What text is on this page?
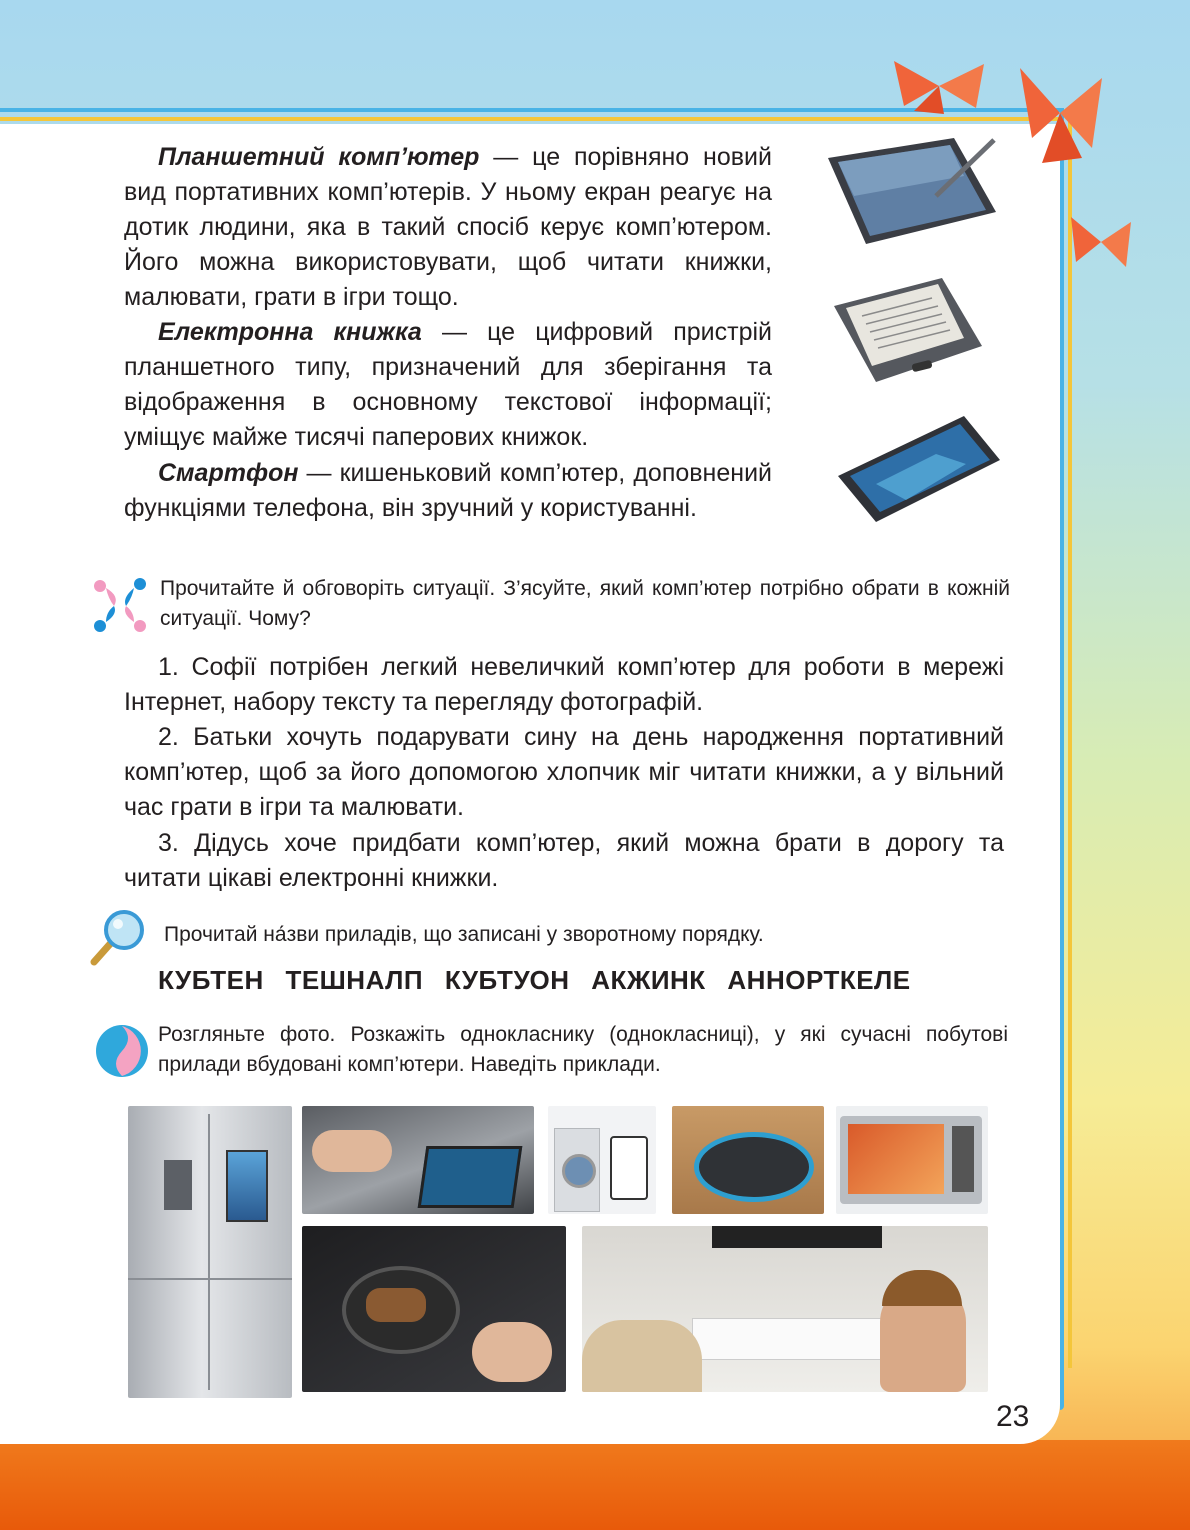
Планшетний комп’ютер — це порівняно новий вид портативних комп’ютерів. У ньому екран реагує на дотик людини, яка в такий спосіб керує комп’ютером. Його можна використовувати, щоб читати книжки, малювати, грати в ігри тощо.
Електронна книжка — це цифровий пристрій планшетного типу, призначений для зберігання та відображення в основному текстової інформації; уміщує майже тисячі паперових книжок.
Смартфон — кишеньковий комп’ютер, доповнений функціями телефона, він зручний у користуванні.
Прочитайте й обговоріть ситуації. З’ясуйте, який комп’ютер потрібно обрати в кожній ситуації. Чому?
1. Софії потрібен легкий невеличкий комп’ютер для роботи в мережі Інтернет, набору тексту та перегляду фотографій.
2. Батьки хочуть подарувати сину на день народження портативний комп’ютер, щоб за його допомогою хлопчик міг читати книжки, а у вільний час грати в ігри та малювати.
3. Дідусь хоче придбати комп’ютер, який можна брати в дорогу та читати цікаві електронні книжки.
Прочитай на́зви приладів, що записані у зворотному порядку.
КУБТЕН ТЕШНАЛП КУБТУОН АКЖИНК АННОРТКЕЛЕ
Розгляньте фото. Розкажіть однокласнику (однокласниці), у які сучасні побутові прилади вбудовані комп’ютери. Наведіть приклади.
23
